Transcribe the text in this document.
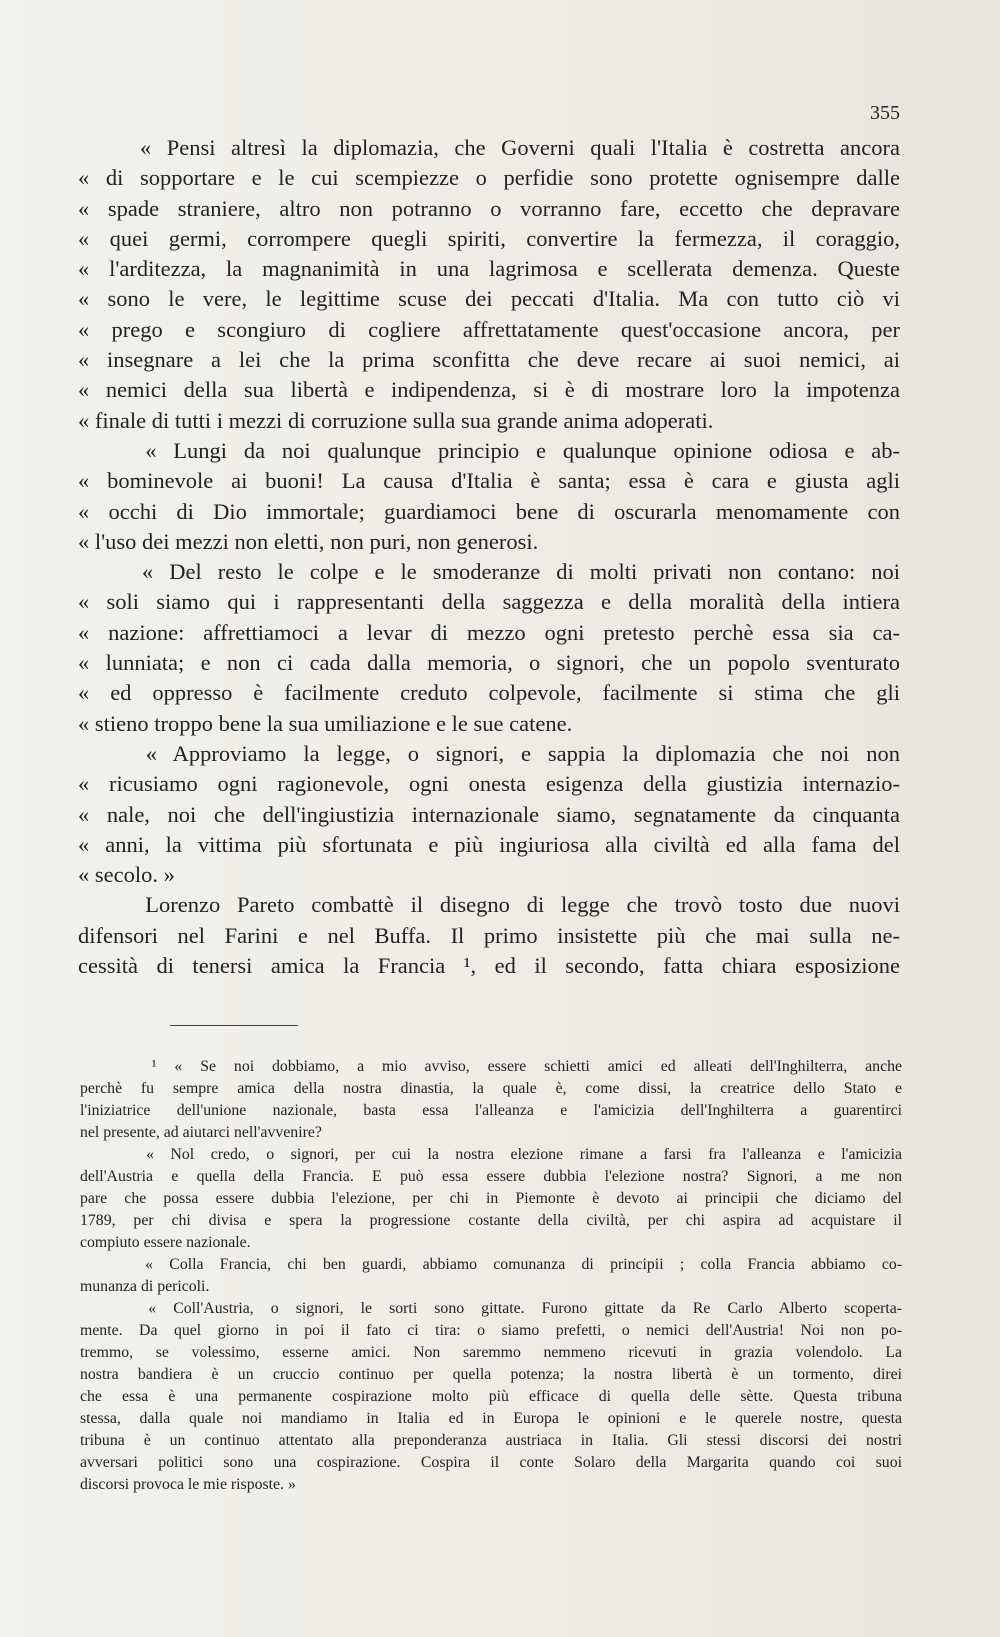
355
« Pensi altresì la diplomazia, che Governi quali l'Italia è costretta ancora
« di sopportare e le cui scempiezze o perfidie sono protette ognisempre dalle
« spade straniere, altro non potranno o vorranno fare, eccetto che depravare
« quei germi, corrompere quegli spiriti, convertire la fermezza, il coraggio,
« l'arditezza, la magnanimità in una lagrimosa e scellerata demenza. Queste
« sono le vere, le legittime scuse dei peccati d'Italia. Ma con tutto ciò vi
« prego e scongiuro di cogliere affrettatamente quest'occasione ancora, per
« insegnare a lei che la prima sconfitta che deve recare ai suoi nemici, ai
« nemici della sua libertà e indipendenza, si è di mostrare loro la impotenza
« finale di tutti i mezzi di corruzione sulla sua grande anima adoperati.
« Lungi da noi qualunque principio e qualunque opinione odiosa e ab-
« bominevole ai buoni! La causa d'Italia è santa; essa è cara e giusta agli
« occhi di Dio immortale; guardiamoci bene di oscurarla menomamente con
« l'uso dei mezzi non eletti, non puri, non generosi.
« Del resto le colpe e le smoderanze di molti privati non contano: noi
« soli siamo qui i rappresentanti della saggezza e della moralità della intiera
« nazione: affrettiamoci a levar di mezzo ogni pretesto perchè essa sia ca-
« lunniata; e non ci cada dalla memoria, o signori, che un popolo sventurato
« ed oppresso è facilmente creduto colpevole, facilmente si stima che gli
« stieno troppo bene la sua umiliazione e le sue catene.
« Approviamo la legge, o signori, e sappia la diplomazia che noi non
« ricusiamo ogni ragionevole, ogni onesta esigenza della giustizia internazio-
« nale, noi che dell'ingiustizia internazionale siamo, segnatamente da cinquanta
« anni, la vittima più sfortunata e più ingiuriosa alla civiltà ed alla fama del
« secolo. »
Lorenzo Pareto combattè il disegno di legge che trovò tosto due nuovi
difensori nel Farini e nel Buffa. Il primo insistette più che mai sulla ne-
cessità di tenersi amica la Francia ¹, ed il secondo, fatta chiara esposizione
¹ « Se noi dobbiamo, a mio avviso, essere schietti amici ed alleati dell'Inghilterra, anche
perchè fu sempre amica della nostra dinastia, la quale è, come dissi, la creatrice dello Stato e
l'iniziatrice dell'unione nazionale, basta essa l'alleanza e l'amicizia dell'Inghilterra a guarentirci
nel presente, ad aiutarci nell'avvenire?
« Nol credo, o signori, per cui la nostra elezione rimane a farsi fra l'alleanza e l'amicizia
dell'Austria e quella della Francia. E può essa essere dubbia l'elezione nostra? Signori, a me non
pare che possa essere dubbia l'elezione, per chi in Piemonte è devoto ai principii che diciamo del
1789, per chi divisa e spera la progressione costante della civiltà, per chi aspira ad acquistare il
compiuto essere nazionale.
« Colla Francia, chi ben guardi, abbiamo comunanza di principii ; colla Francia abbiamo co-
munanza di pericoli.
« Coll'Austria, o signori, le sorti sono gittate. Furono gittate da Re Carlo Alberto scoperta-
mente. Da quel giorno in poi il fato ci tira: o siamo prefetti, o nemici dell'Austria! Noi non po-
tremmo, se volessimo, esserne amici. Non saremmo nemmeno ricevuti in grazia volendolo. La
nostra bandiera è un cruccio continuo per quella potenza; la nostra libertà è un tormento, direi
che essa è una permanente cospirazione molto più efficace di quella delle sètte. Questa tribuna
stessa, dalla quale noi mandiamo in Italia ed in Europa le opinioni e le querele nostre, questa
tribuna è un continuo attentato alla preponderanza austriaca in Italia. Gli stessi discorsi dei nostri
avversari politici sono una cospirazione. Cospira il conte Solaro della Margarita quando coi suoi
discorsi provoca le mie risposte. »
